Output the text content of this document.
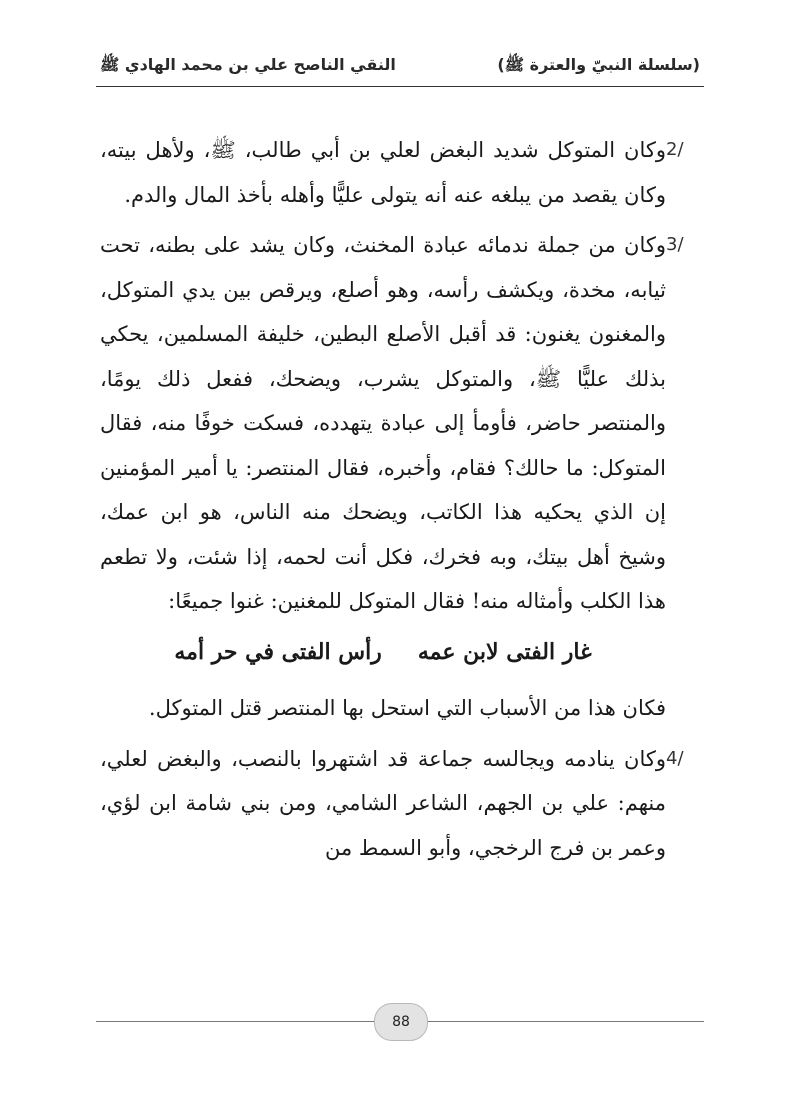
(سلسلة النبيّ والعترة ﷺ)
النقي الناصح علي بن محمد الهادي ﷺ
2/
وكان المتوكل شديد البغض لعلي بن أبي طالب، ﷺ، ولأهل بيته، وكان يقصد من يبلغه عنه أنه يتولى عليًّا وأهله بأخذ المال والدم.
3/
وكان من جملة ندمائه عبادة المخنث، وكان يشد على بطنه، تحت ثيابه، مخدة، ويكشف رأسه، وهو أصلع، ويرقص بين يدي المتوكل، والمغنون يغنون: قد أقبل الأصلع البطين، خليفة المسلمين، يحكي بذلك عليًّا ﷺ، والمتوكل يشرب، ويضحك، ففعل ذلك يومًا، والمنتصر حاضر، فأومأ إلى عبادة يتهدده، فسكت خوفًا منه، فقال المتوكل: ما حالك؟ فقام، وأخبره، فقال المنتصر: يا أمير المؤمنين إن الذي يحكيه هذا الكاتب، ويضحك منه الناس، هو ابن عمك، وشيخ أهل بيتك، وبه فخرك، فكل أنت لحمه، إذا شئت، ولا تطعم هذا الكلب وأمثاله منه! فقال المتوكل للمغنين: غنوا جميعًا:
غار الفتى لابن عمهرأس الفتى في حر أمه
فكان هذا من الأسباب التي استحل بها المنتصر قتل المتوكل.
4/
وكان ينادمه ويجالسه جماعة قد اشتهروا بالنصب، والبغض لعلي، منهم: علي بن الجهم، الشاعر الشامي، ومن بني شامة ابن لؤي، وعمر بن فرج الرخجي، وأبو السمط من
88
